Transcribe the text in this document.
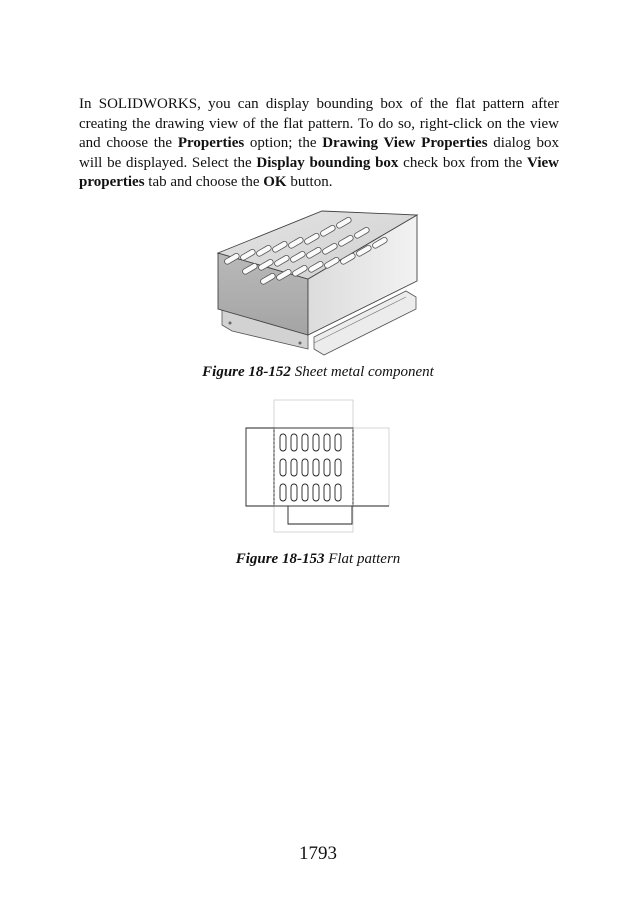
In SOLIDWORKS, you can display bounding box of the flat pattern after creating the drawing view of the flat pattern. To do so, right-click on the view and choose the Properties option; the Drawing View Properties dialog box will be displayed. Select the Display bounding box check box from the View properties tab and choose the OK button.

Figure 18-152 Sheet metal component

Figure 18-153 Flat pattern

1793
